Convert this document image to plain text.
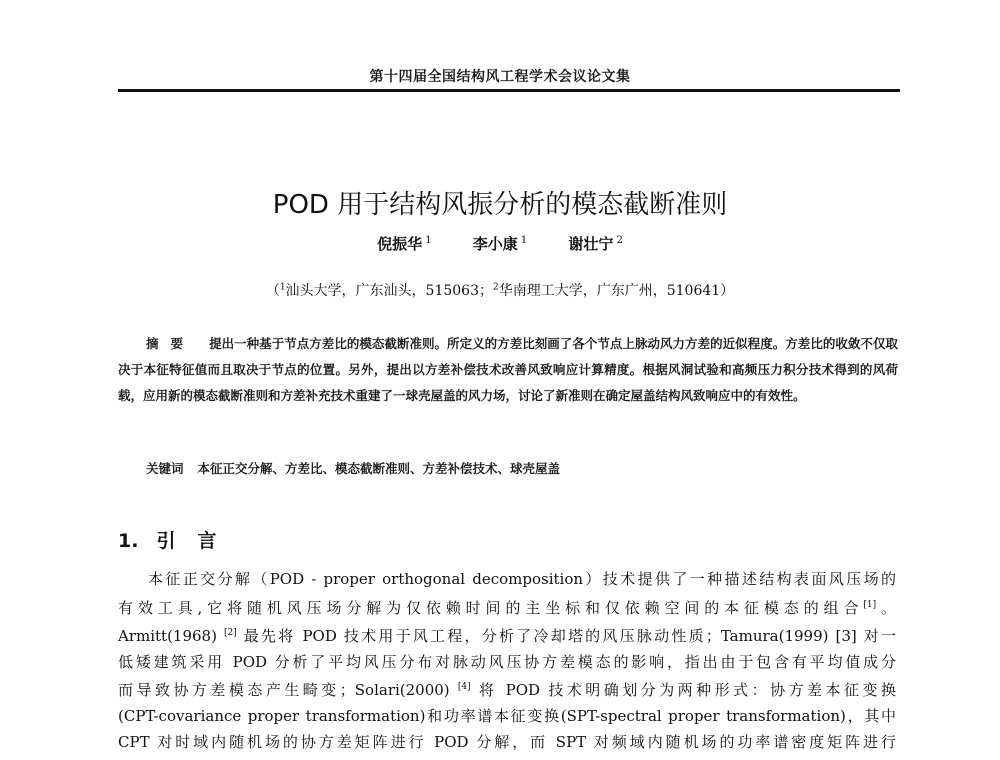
第十四届全国结构风工程学术会议论文集
POD 用于结构风振分析的模态截断准则
倪振华 $^1$	李小康 $^1$	谢壮宁 $^2$
（$^1$汕头大学，广东汕头，515063；$^2$华南理工大学，广东广州，510641）
摘要 提出一种基于节点方差比的模态截断准则。所定义的方差比刻画了各个节点上脉动风力方差的近似程度。方差比的收敛不仅取决于本征特征值而且取决于节点的位置。另外，提出以方差补偿技术改善风致响应计算精度。根据风洞试验和高频压力积分技术得到的风荷载，应用新的模态截断准则和方差补充技术重建了一球壳屋盖的风力场，讨论了新准则在确定屋盖结构风致响应中的有效性。
关键词 本征正交分解、方差比、模态截断准则、方差补偿技术、球壳屋盖
1. 引 言
本征正交分解（POD - proper orthogonal decomposition）技术提供了一种描述结构表面风压场的
有效工具,它将随机风压场分解为仅依赖时间的主坐标和仅依赖空间的本征模态的组合[1]。
Armitt(1968) [2] 最先将 POD 技术用于风工程，分析了冷却塔的风压脉动性质；Tamura(1999) [3] 对一
低矮建筑采用 POD 分析了平均风压分布对脉动风压协方差模态的影响，指出由于包含有平均值成分
而导致协方差模态产生畸变；Solari(2000) [4] 将 POD 技术明确划分为两种形式：协方差本征变换
(CPT-covariance proper transformation)和功率谱本征变换(SPT-spectral proper transformation)，其中
CPT 对时域内随机场的协方差矩阵进行 POD 分解，而 SPT 对频域内随机场的功率谱密度矩阵进行
